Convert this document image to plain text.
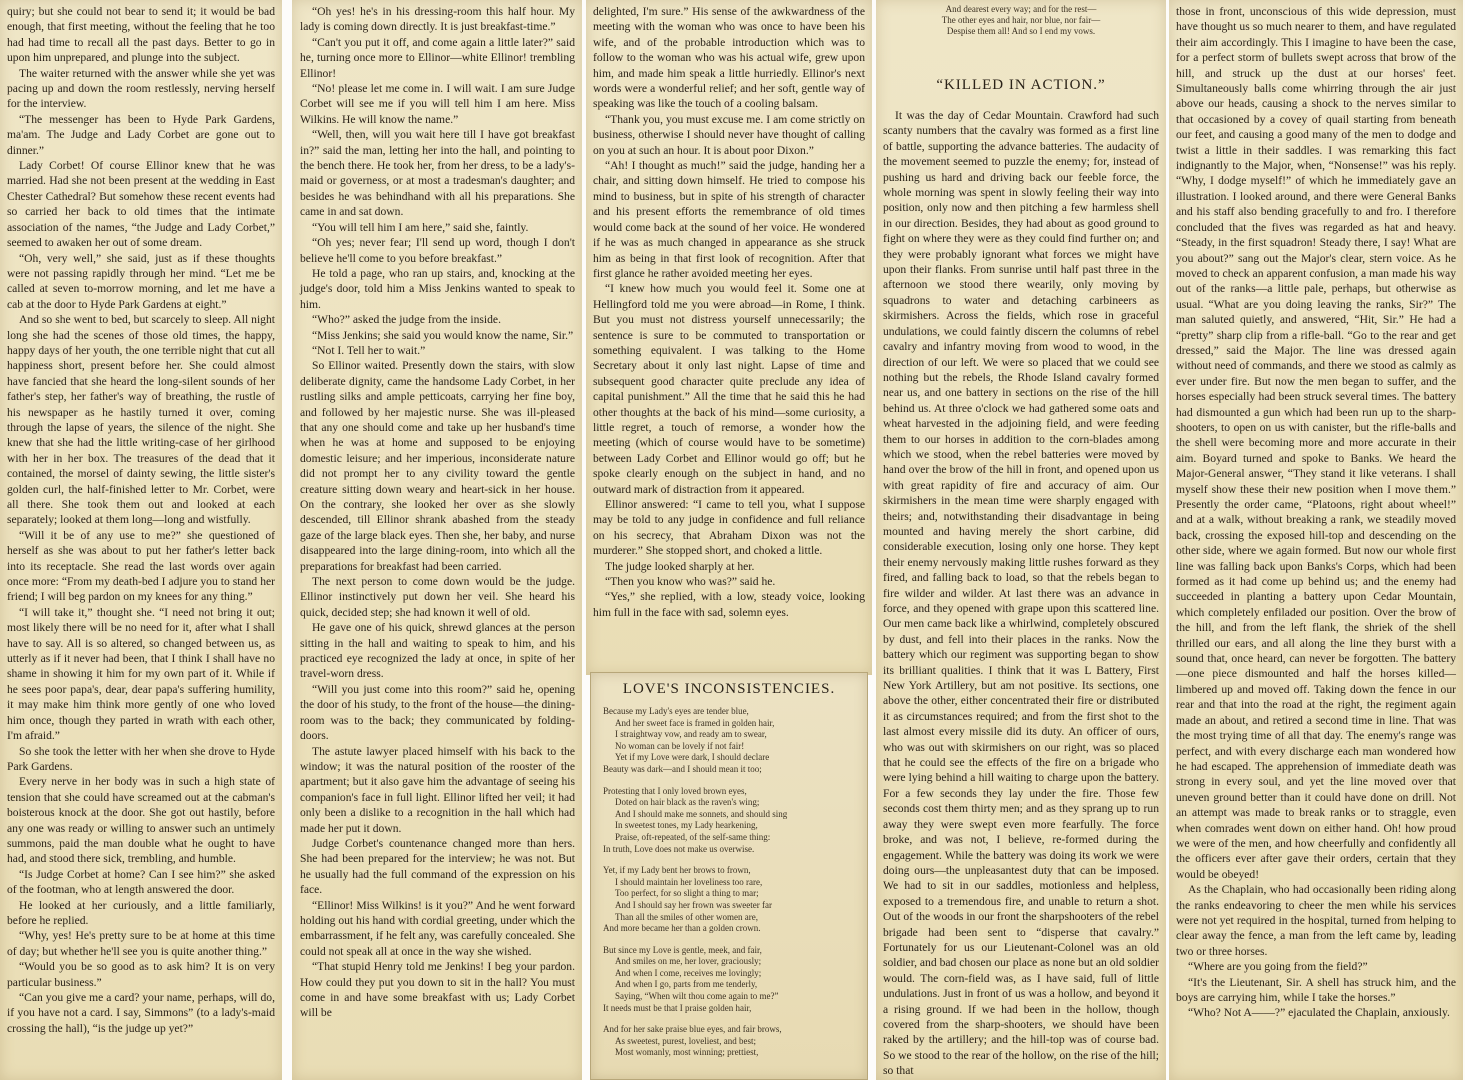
quiry; but she could not bear to send it; it would be bad enough, that first meeting, without the feeling that he too had had time to recall all the past days. Better to go in upon him unprepared, and plunge into the subject.

The waiter returned with the answer while she yet was pacing up and down the room restlessly, nerving herself for the interview.

“The messenger has been to Hyde Park Gardens, ma'am. The Judge and Lady Corbet are gone out to dinner.”

Lady Corbet! Of course Ellinor knew that he was married. Had she not been present at the wedding in East Chester Cathedral? But somehow these recent events had so carried her back to old times that the intimate association of the names, “the Judge and Lady Corbet,” seemed to awaken her out of some dream.

“Oh, very well,” she said, just as if these thoughts were not passing rapidly through her mind. “Let me be called at seven to-morrow morning, and let me have a cab at the door to Hyde Park Gardens at eight.”

And so she went to bed, but scarcely to sleep. All night long she had the scenes of those old times, the happy, happy days of her youth, the one terrible night that cut all happiness short, present before her. She could almost have fancied that she heard the long-silent sounds of her father's step, her father's way of breathing, the rustle of his newspaper as he hastily turned it over, coming through the lapse of years, the silence of the night. She knew that she had the little writing-case of her girlhood with her in her box. The treasures of the dead that it contained, the morsel of dainty sewing, the little sister's golden curl, the half-finished letter to Mr. Corbet, were all there. She took them out and looked at each separately; looked at them long—long and wistfully.

“Will it be of any use to me?” she questioned of herself as she was about to put her father's letter back into its receptacle. She read the last words over again once more: “From my death-bed I adjure you to stand her friend; I will beg pardon on my knees for any thing.”

“I will take it,” thought she. “I need not bring it out; most likely there will be no need for it, after what I shall have to say. All is so altered, so changed between us, as utterly as if it never had been, that I think I shall have no shame in showing it him for my own part of it. While if he sees poor papa's, dear, dear papa's suffering humility, it may make him think more gently of one who loved him once, though they parted in wrath with each other, I'm afraid.”

So she took the letter with her when she drove to Hyde Park Gardens.

Every nerve in her body was in such a high state of tension that she could have screamed out at the cabman's boisterous knock at the door. She got out hastily, before any one was ready or willing to answer such an untimely summons, paid the man double what he ought to have had, and stood there sick, trembling, and humble.

“Is Judge Corbet at home? Can I see him?” she asked of the footman, who at length answered the door.

He looked at her curiously, and a little familiarly, before he replied.

“Why, yes! He's pretty sure to be at home at this time of day; but whether he'll see you is quite another thing.”

“Would you be so good as to ask him? It is on very particular business.”

“Can you give me a card? your name, perhaps, will do, if you have not a card. I say, Simmons” (to a lady's-maid crossing the hall), “is the judge up yet?”

“Oh yes! he's in his dressing-room this half hour. My lady is coming down directly. It is just breakfast-time.”

“Can't you put it off, and come again a little later?” said he, turning once more to Ellinor—white Ellinor! trembling Ellinor!

“No! please let me come in. I will wait. I am sure Judge Corbet will see me if you will tell him I am here. Miss Wilkins. He will know the name.”

“Well, then, will you wait here till I have got breakfast in?” said the man, letting her into the hall, and pointing to the bench there. He took her, from her dress, to be a lady's-maid or governess, or at most a tradesman's daughter; and besides he was behindhand with all his preparations. She came in and sat down.

“You will tell him I am here,” said she, faintly.

“Oh yes; never fear; I'll send up word, though I don't believe he'll come to you before breakfast.”

He told a page, who ran up stairs, and, knocking at the judge's door, told him a Miss Jenkins wanted to speak to him.

“Who?” asked the judge from the inside.

“Miss Jenkins; she said you would know the name, Sir.”

“Not I. Tell her to wait.”

So Ellinor waited. Presently down the stairs, with slow deliberate dignity, came the handsome Lady Corbet, in her rustling silks and ample petticoats, carrying her fine boy, and followed by her majestic nurse. She was ill-pleased that any one should come and take up her husband's time when he was at home and supposed to be enjoying domestic leisure; and her imperious, inconsiderate nature did not prompt her to any civility toward the gentle creature sitting down weary and heart-sick in her house. On the contrary, she looked her over as she slowly descended, till Ellinor shrank abashed from the steady gaze of the large black eyes. Then she, her baby, and nurse disappeared into the large dining-room, into which all the preparations for breakfast had been carried.

The next person to come down would be the judge. Ellinor instinctively put down her veil. She heard his quick, decided step; she had known it well of old.

He gave one of his quick, shrewd glances at the person sitting in the hall and waiting to speak to him, and his practiced eye recognized the lady at once, in spite of her travel-worn dress.

“Will you just come into this room?” said he, opening the door of his study, to the front of the house—the dining-room was to the back; they communicated by folding-doors.

The astute lawyer placed himself with his back to the window; it was the natural position of the rooster of the apartment; but it also gave him the advantage of seeing his companion's face in full light. Ellinor lifted her veil; it had only been a dislike to a recognition in the hall which had made her put it down.

Judge Corbet's countenance changed more than hers. She had been prepared for the interview; he was not. But he usually had the full command of the expression on his face.

“Ellinor! Miss Wilkins! is it you?” And he went forward holding out his hand with cordial greeting, under which the embarrassment, if he felt any, was carefully concealed. She could not speak all at once in the way she wished.

“That stupid Henry told me Jenkins! I beg your pardon. How could they put you down to sit in the hall? You must come in and have some breakfast with us; Lady Corbet will be

delighted, I'm sure.” His sense of the awkwardness of the meeting with the woman who was once to have been his wife, and of the probable introduction which was to follow to the woman who was his actual wife, grew upon him, and made him speak a little hurriedly. Ellinor's next words were a wonderful relief; and her soft, gentle way of speaking was like the touch of a cooling balsam.

“Thank you, you must excuse me. I am come strictly on business, otherwise I should never have thought of calling on you at such an hour. It is about poor Dixon.”

“Ah! I thought as much!” said the judge, handing her a chair, and sitting down himself. He tried to compose his mind to business, but in spite of his strength of character and his present efforts the remembrance of old times would come back at the sound of her voice. He wondered if he was as much changed in appearance as she struck him as being in that first look of recognition. After that first glance he rather avoided meeting her eyes.

“I knew how much you would feel it. Some one at Hellingford told me you were abroad—in Rome, I think. But you must not distress yourself unnecessarily; the sentence is sure to be commuted to transportation or something equivalent. I was talking to the Home Secretary about it only last night. Lapse of time and subsequent good character quite preclude any idea of capital punishment.” All the time that he said this he had other thoughts at the back of his mind—some curiosity, a little regret, a touch of remorse, a wonder how the meeting (which of course would have to be sometime) between Lady Corbet and Ellinor would go off; but he spoke clearly enough on the subject in hand, and no outward mark of distraction from it appeared.

Ellinor answered: “I came to tell you, what I suppose may be told to any judge in confidence and full reliance on his secrecy, that Abraham Dixon was not the murderer.” She stopped short, and choked a little.

The judge looked sharply at her.

“Then you know who was?” said he.

“Yes,” she replied, with a low, steady voice, looking him full in the face with sad, solemn eyes.

LOVE'S INCONSISTENCIES.
Because my Lady's eyes are tender blue,
And her sweet face is framed in golden hair,
I straightway vow, and ready am to swear,
No woman can be lovely if not fair!
Yet if my Love were dark, I should declare
Beauty was dark—and I should mean it too;
Protesting that I only loved brown eyes,
Doted on hair black as the raven's wing;
And I should make me sonnets, and should sing
In sweetest tones, my Lady hearkening,
Praise, oft-repeated, of the self-same thing:
In truth, Love does not make us overwise.
Yet, if my Lady bent her brows to frown,
I should maintain her loveliness too rare,
Too perfect, for so slight a thing to mar;
And I should say her frown was sweeter far
Than all the smiles of other women are,
And more became her than a golden crown.
But since my Love is gentle, meek, and fair,
And smiles on me, her lover, graciously;
And when I come, receives me lovingly;
And when I go, parts from me tenderly,
Saying, “When wilt thou come again to me?”
It needs must be that I praise golden hair,
And for her sake praise blue eyes, and fair brows,
As sweetest, purest, loveliest, and best;
Most womanly, most winning; prettiest,
And dearest every way; and for the rest—
The other eyes and hair, nor blue, nor fair—
Despise them all! And so I end my vows.
“KILLED IN ACTION.”

It was the day of Cedar Mountain. Crawford had such scanty numbers that the cavalry was formed as a first line of battle, supporting the advance batteries. The audacity of the movement seemed to puzzle the enemy; for, instead of pushing us hard and driving back our feeble force, the whole morning was spent in slowly feeling their way into position, only now and then pitching a few harmless shell in our direction. Besides, they had about as good ground to fight on where they were as they could find further on; and they were probably ignorant what forces we might have upon their flanks. From sunrise until half past three in the afternoon we stood there wearily, only moving by squadrons to water and detaching carbineers as skirmishers. Across the fields, which rose in graceful undulations, we could faintly discern the columns of rebel cavalry and infantry moving from wood to wood, in the direction of our left. We were so placed that we could see nothing but the rebels, the Rhode Island cavalry formed near us, and one battery in sections on the rise of the hill behind us. At three o'clock we had gathered some oats and wheat harvested in the adjoining field, and were feeding them to our horses in addition to the corn-blades among which we stood, when the rebel batteries were moved by hand over the brow of the hill in front, and opened upon us with great rapidity of fire and accuracy of aim. Our skirmishers in the mean time were sharply engaged with theirs; and, notwithstanding their disadvantage in being mounted and having merely the short carbine, did considerable execution, losing only one horse. They kept their enemy nervously making little rushes forward as they fired, and falling back to load, so that the rebels began to fire wilder and wilder. At last there was an advance in force, and they opened with grape upon this scattered line. Our men came back like a whirlwind, completely obscured by dust, and fell into their places in the ranks. Now the battery which our regiment was supporting began to show its brilliant qualities. I think that it was L Battery, First New York Artillery, but am not positive. Its sections, one above the other, either concentrated their fire or distributed it as circumstances required; and from the first shot to the last almost every missile did its duty. An officer of ours, who was out with skirmishers on our right, was so placed that he could see the effects of the fire on a brigade who were lying behind a hill waiting to charge upon the battery. For a few seconds they lay under the fire. Those few seconds cost them thirty men; and as they sprang up to run away they were swept even more fearfully. The force broke, and was not, I believe, re-formed during the engagement. While the battery was doing its work we were doing ours—the unpleasantest duty that can be imposed. We had to sit in our saddles, motionless and helpless, exposed to a tremendous fire, and unable to return a shot. Out of the woods in our front the sharpshooters of the rebel brigade had been sent to “disperse that cavalry.” Fortunately for us our Lieutenant-Colonel was an old soldier, and bad chosen our place as none but an old soldier would. The corn-field was, as I have said, full of little undulations. Just in front of us was a hollow, and beyond it a rising ground. If we had been in the hollow, though covered from the sharp-shooters, we should have been raked by the artillery; and the hill-top was of course bad. So we stood to the rear of the hollow, on the rise of the hill; so that

those in front, unconscious of this wide depression, must have thought us so much nearer to them, and have regulated their aim accordingly. This I imagine to have been the case, for a perfect storm of bullets swept across that brow of the hill, and struck up the dust at our horses' feet. Simultaneously balls come whirring through the air just above our heads, causing a shock to the nerves similar to that occasioned by a covey of quail starting from beneath our feet, and causing a good many of the men to dodge and twist a little in their saddles. I was remarking this fact indignantly to the Major, when, “Nonsense!” was his reply. “Why, I dodge myself!” of which he immediately gave an illustration. I looked around, and there were General Banks and his staff also bending gracefully to and fro. I therefore concluded that the fives was regarded as hat and heavy. “Steady, in the first squadron! Steady there, I say! What are you about?” sang out the Major's clear, stern voice. As he moved to check an apparent confusion, a man made his way out of the ranks—a little pale, perhaps, but otherwise as usual. “What are you doing leaving the ranks, Sir?” The man saluted quietly, and answered, “Hit, Sir.” He had a “pretty” sharp clip from a rifle-ball. “Go to the rear and get dressed,” said the Major. The line was dressed again without need of commands, and there we stood as calmly as ever under fire. But now the men began to suffer, and the horses especially had been struck several times. The battery had dismounted a gun which had been run up to the sharp-shooters, to open on us with canister, but the rifle-balls and the shell were becoming more and more accurate in their aim. Boyard turned and spoke to Banks. We heard the Major-General answer, “They stand it like veterans. I shall myself show these their new position when I move them.” Presently the order came, “Platoons, right about wheel!” and at a walk, without breaking a rank, we steadily moved back, crossing the exposed hill-top and descending on the other side, where we again formed. But now our whole first line was falling back upon Banks's Corps, which had been formed as it had come up behind us; and the enemy had succeeded in planting a battery upon Cedar Mountain, which completely enfiladed our position. Over the brow of the hill, and from the left flank, the shriek of the shell thrilled our ears, and all along the line they burst with a sound that, once heard, can never be forgotten. The battery—one piece dismounted and half the horses killed—limbered up and moved off. Taking down the fence in our rear and that into the road at the right, the regiment again made an about, and retired a second time in line. That was the most trying time of all that day. The enemy's range was perfect, and with every discharge each man wondered how he had escaped. The apprehension of immediate death was strong in every soul, and yet the line moved over that uneven ground better than it could have done on drill. Not an attempt was made to break ranks or to straggle, even when comrades went down on either hand. Oh! how proud we were of the men, and how cheerfully and confidently all the officers ever after gave their orders, certain that they would be obeyed!

As the Chaplain, who had occasionally been riding along the ranks endeavoring to cheer the men while his services were not yet required in the hospital, turned from helping to clear away the fence, a man from the left came by, leading two or three horses.

“Where are you going from the field?”

“It's the Lieutenant, Sir. A shell has struck him, and the boys are carrying him, while I take the horses.”

“Who? Not A——?” ejaculated the Chaplain, anxiously.
